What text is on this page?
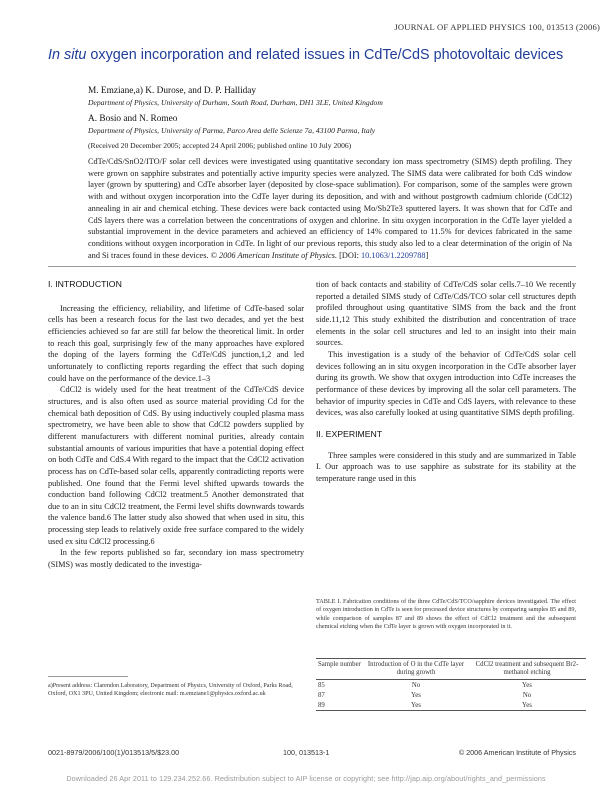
JOURNAL OF APPLIED PHYSICS 100, 013513 (2006)
In situ oxygen incorporation and related issues in CdTe/CdS photovoltaic devices
M. Emziane,a) K. Durose, and D. P. Halliday
Department of Physics, University of Durham, South Road, Durham, DH1 3LE, United Kingdom
A. Bosio and N. Romeo
Department of Physics, University of Parma, Parco Area delle Scienze 7a, 43100 Parma, Italy
(Received 20 December 2005; accepted 24 April 2006; published online 10 July 2006)
CdTe/CdS/SnO2/ITO/F solar cell devices were investigated using quantitative secondary ion mass spectrometry (SIMS) depth profiling. They were grown on sapphire substrates and potentially active impurity species were analyzed. The SIMS data were calibrated for both CdS window layer (grown by sputtering) and CdTe absorber layer (deposited by close-space sublimation). For comparison, some of the samples were grown with and without oxygen incorporation into the CdTe layer during its deposition, and with and without postgrowth cadmium chloride (CdCl2) annealing in air and chemical etching. These devices were back contacted using Mo/Sb2Te3 sputtered layers. It was shown that for CdTe and CdS layers there was a correlation between the concentrations of oxygen and chlorine. In situ oxygen incorporation in the CdTe layer yielded a substantial improvement in the device parameters and achieved an efficiency of 14% compared to 11.5% for devices fabricated in the same conditions without oxygen incorporation in CdTe. In light of our previous reports, this study also led to a clear determination of the origin of Na and Si traces found in these devices. © 2006 American Institute of Physics. [DOI: 10.1063/1.2209788]
I. INTRODUCTION

Increasing the efficiency, reliability, and lifetime of CdTe-based solar cells has been a research focus for the last two decades, and yet the best efficiencies achieved so far are still far below the theoretical limit. In order to reach this goal, surprisingly few of the many approaches have explored the doping of the layers forming the CdTe/CdS junction,1,2 and led unfortunately to conflicting reports regarding the effect that such doping could have on the performance of the device.1–3

CdCl2 is widely used for the heat treatment of the CdTe/CdS device structures, and is also often used as source material providing Cd for the chemical bath deposition of CdS. By using inductively coupled plasma mass spectrometry, we have been able to show that CdCl2 powders supplied by different manufacturers with different nominal purities, already contain substantial amounts of various impurities that have a potential doping effect on both CdTe and CdS.4 With regard to the impact that the CdCl2 activation process has on CdTe-based solar cells, apparently contradicting reports were published. One found that the Fermi level shifted upwards towards the conduction band following CdCl2 treatment.5 Another demonstrated that due to an in situ CdCl2 treatment, the Fermi level shifts downwards towards the valence band.6 The latter study also showed that when used in situ, this processing step leads to relatively oxide free surface compared to the widely used ex situ CdCl2 processing.6

In the few reports published so far, secondary ion mass spectrometry (SIMS) was mostly dedicated to the investiga-

a)Present address: Clarendon Laboratory, Department of Physics, University of Oxford, Parks Road, Oxford, OX1 3PU, United Kingdom; electronic mail: m.emziane1@physics.oxford.ac.uk

tion of back contacts and stability of CdTe/CdS solar cells.7–10 We recently reported a detailed SIMS study of CdTe/CdS/TCO solar cell structures depth profiled throughout using quantitative SIMS from the back and the front side.11,12 This study exhibited the distribution and concentration of trace elements in the solar cell structures and led to an insight into their main sources.

This investigation is a study of the behavior of CdTe/CdS solar cell devices following an in situ oxygen incorporation in the CdTe absorber layer during its growth. We show that oxygen introduction into CdTe increases the performance of these devices by improving all the solar cell parameters. The behavior of impurity species in CdTe and CdS layers, with relevance to these devices, was also carefully looked at using quantitative SIMS depth profiling.

II. EXPERIMENT

Three samples were considered in this study and are summarized in Table I. Our approach was to use sapphire as substrate for its stability at the temperature range used in this

TABLE I. Fabrication conditions of the three CdTe/CdS/TCO/sapphire devices investigated. The effect of oxygen introduction in CdTe is seen for processed device structures by comparing samples 85 and 89, while comparison of samples 87 and 89 shows the effect of CdCl2 treatment and the subsequent chemical etching when the CdTe layer is grown with oxygen incorporated in it.
Sample number	Introduction of O in the CdTe layer during growth	CdCl2 treatment and subsequent Br2-methanol etching
85	No	Yes
87	Yes	No
89	Yes	Yes
0021-8979/2006/100(1)/013513/5/$23.00	100, 013513-1	© 2006 American Institute of Physics
Downloaded 26 Apr 2011 to 129.234.252.66. Redistribution subject to AIP license or copyright; see http://jap.aip.org/about/rights_and_permissions
